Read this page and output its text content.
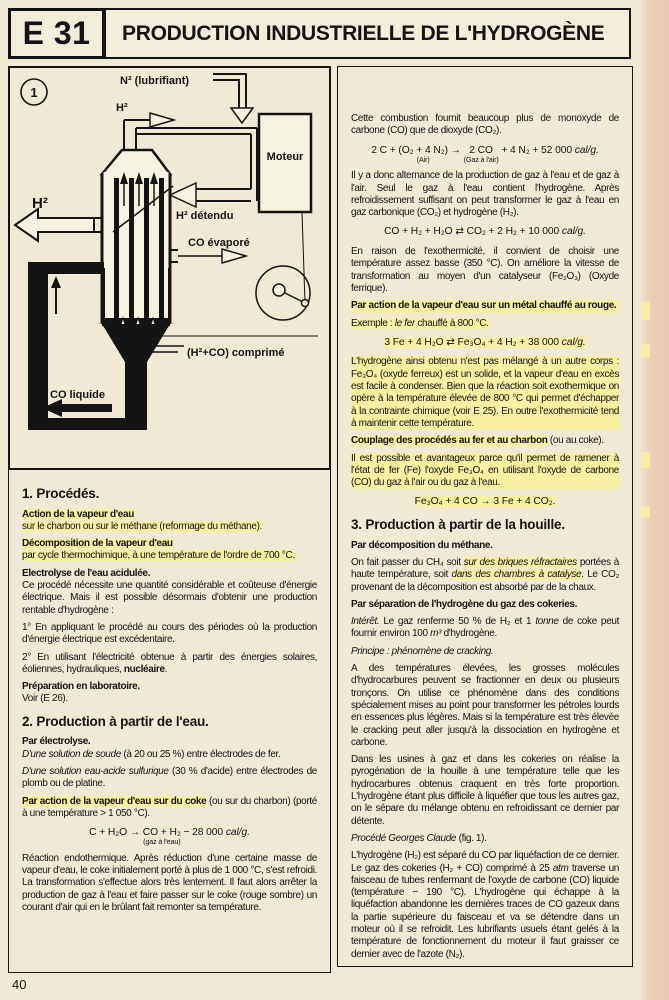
E 31	PRODUCTION INDUSTRIELLE DE L'HYDROGÈNE
1
N² (lubrifiant)
H² détendu
H²
H²
CO évaporé
(H²+CO) comprimé
CO liquide
Moteur
1. Procédés.
Action de la vapeur d'eau
sur le charbon ou sur le méthane (reformage du méthane).
Décomposition de la vapeur d'eau
par cycle thermochimique, à une température de l'ordre de 700 °C.
Electrolyse de l'eau acidulée.
Ce procédé nécessite une quantité considérable et coûteuse d'énergie électrique. Mais il est possible désormais d'obtenir une production rentable d'hydrogène :
1° En appliquant le procédé au cours des périodes où la production d'énergie électrique est excédentaire.
2° En utilisant l'électricité obtenue à partir des énergies solaires, éoliennes, hydrauliques, nucléaire.
Préparation en laboratoire.
Voir (E 26).
2. Production à partir de l'eau.
Par électrolyse.
D'une solution de soude (à 20 ou 25 %) entre électrodes de fer.
D'une solution eau-acide sulfurique (30 % d'acide) entre électrodes de plomb ou de platine.
Par action de la vapeur d'eau sur du coke (ou sur du charbon) (porté à une température > 1 050 °C).
C + H₂O → CO + H₂
(gaz à l'eau)
− 28 000 cal/g.
Réaction endothermique. Après réduction d'une certaine masse de vapeur d'eau, le coke initialement porté à plus de 1 000 °C, s'est refroidi. La transformation s'effectue alors très lentement. Il faut alors arrêter la production de gaz à l'eau et faire passer sur le coke (rouge sombre) un courant d'air qui en le brûlant fait remonter sa température.
Cette combustion fournit beaucoup plus de monoxyde de carbone (CO) que de dioxyde (CO₂).
2 C + (O₂ + 4 N₂)
(Air)
→ 2 CO
(Gaz à l'air)
+ 4 N₂ + 52 000 cal/g.
Il y a donc alternance de la production de gaz à l'eau et de gaz à l'air. Seul le gaz à l'eau contient l'hydrogène. Après refroidissement suffisant on peut transformer le gaz à l'eau en gaz carbonique (CO₂) et hydrogène (H₂).
CO + H₂ + H₂O ⇄ CO₂ + 2 H₂ + 10 000 cal/g.
En raison de l'exothermicité, il convient de choisir une température assez basse (350 °C). On améliore la vitesse de transformation au moyen d'un catalyseur (Fe₂O₃) (Oxyde ferrique).
Par action de la vapeur d'eau sur un métal chauffé au rouge.
Exemple : le fer chauffé à 800 °C.
3 Fe + 4 H₂O ⇄ Fe₃O₄ + 4 H₂ + 38 000 cal/g.
L'hydrogène ainsi obtenu n'est pas mélangé à un autre corps : Fe₃O₄ (oxyde ferreux) est un solide, et la vapeur d'eau en excès est facile à condenser. Bien que la réaction soit exothermique on opère à la température élevée de 800 °C qui permet d'échapper à la contrainte chimique (voir E 25). En outre l'exothermicité tend à maintenir cette température.
Couplage des procédés au fer et au charbon (ou au coke).
Il est possible et avantageux parce qu'il permet de ramener à l'état de fer (Fe) l'oxyde Fe₃O₄ en utilisant l'oxyde de carbone (CO) du gaz à l'air ou du gaz à l'eau.
Fe₃O₄ + 4 CO → 3 Fe + 4 CO₂.
3. Production à partir de la houille.
Par décomposition du méthane.
On fait passer du CH₄ soit sur des briques réfractaires portées à haute température, soit dans des chambres à catalyse. Le CO₂ provenant de la décomposition est absorbé par de la chaux.
Par séparation de l'hydrogène du gaz des cokeries.
Intérêt. Le gaz renferme 50 % de H₂ et 1 tonne de coke peut fournir environ 100 m³ d'hydrogène.
Principe : phénomène de cracking.
A des températures élevées, les grosses molécules d'hydrocarbures peuvent se fractionner en deux ou plusieurs tronçons. On utilise ce phénomène dans des conditions spécialement mises au point pour transformer les pétroles lourds en essences plus légères. Mais si la température est très élevée le cracking peut aller jusqu'à la dissociation en hydrogène et carbone.
Dans les usines à gaz et dans les cokeries on réalise la pyrogénation de la houille à une température telle que les hydrocarbures obtenus craquent en très forte proportion. L'hydrogène étant plus difficile à liquéfier que tous les autres gaz, on le sépare du mélange obtenu en refroidissant ce dernier par détente.
Procédé Georges Claude (fig. 1).
L'hydrogène (H₂) est séparé du CO par liquéfaction de ce dernier. Le gaz des cokeries (H₂ + CO) comprimé à 25 atm traverse un faisceau de tubes renfermant de l'oxyde de carbone (CO) liquide (température − 190 °C). L'hydrogène qui échappe à la liquéfaction abandonne les dernières traces de CO gazeux dans la partie supérieure du faisceau et va se détendre dans un moteur où il se refroidit. Les lubrifiants usuels étant gelés à la température de fonctionnement du moteur il faut graisser ce dernier avec de l'azote (N₂).
40
